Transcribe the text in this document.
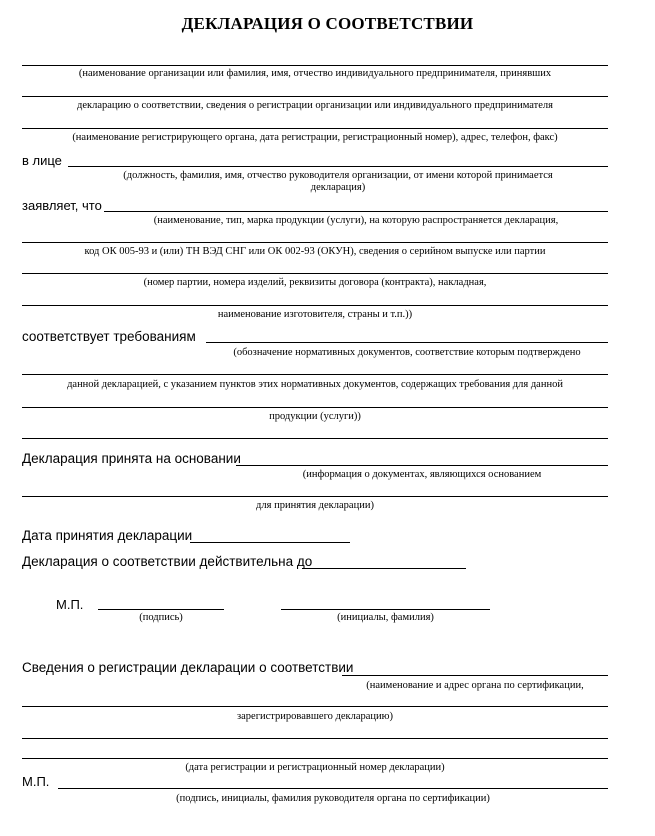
ДЕКЛАРАЦИЯ О СООТВЕТСТВИИ
(наименование организации или фамилия, имя, отчество индивидуального предпринимателя, принявших
декларацию о соответствии, сведения о регистрации организации или индивидуального предпринимателя
(наименование регистрирующего органа, дата регистрации, регистрационный номер), адрес, телефон, факс)
в лице
(должность, фамилия, имя, отчество руководителя организации, от имени которой принимается
декларация)
заявляет, что
(наименование, тип, марка продукции (услуги), на которую распространяется декларация,
код ОК 005-93 и (или) ТН ВЭД СНГ или ОК 002-93 (ОКУН), сведения о серийном выпуске или партии
(номер партии, номера изделий, реквизиты договора (контракта), накладная,
наименование изготовителя, страны и т.п.))
соответствует требованиям
(обозначение нормативных документов, соответствие которым подтверждено
данной декларацией, с указанием пунктов этих нормативных документов, содержащих требования для данной
продукции (услуги))
Декларация принята на основании
(информация о документах, являющихся основанием
для принятия декларации)
Дата принятия декларации
Декларация о соответствии действительна до
М.П.
(подпись)	(инициалы, фамилия)
Сведения о регистрации декларации о соответствии
(наименование и адрес органа по сертификации,
зарегистрировавшего декларацию)
(дата регистрации и регистрационный номер декларации)
М.П.
(подпись, инициалы, фамилия руководителя органа по сертификации)
